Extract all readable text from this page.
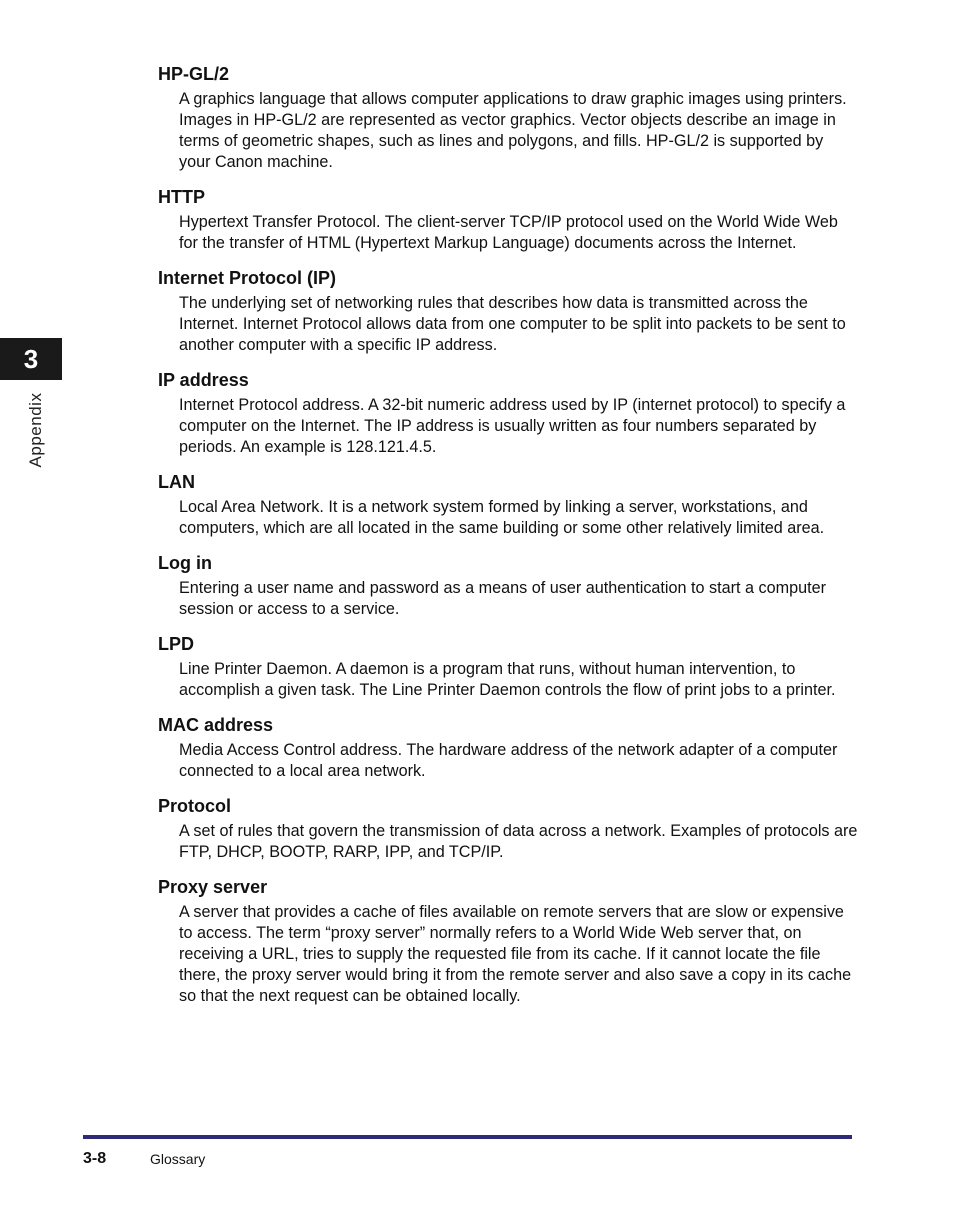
3
Appendix
HP-GL/2
A graphics language that allows computer applications to draw graphic images using printers. Images in HP-GL/2 are represented as vector graphics. Vector objects describe an image in terms of geometric shapes, such as lines and polygons, and fills. HP-GL/2 is supported by your Canon machine.
HTTP
Hypertext Transfer Protocol. The client-server TCP/IP protocol used on the World Wide Web for the transfer of HTML (Hypertext Markup Language) documents across the Internet.
Internet Protocol (IP)
The underlying set of networking rules that describes how data is transmitted across the Internet. Internet Protocol allows data from one computer to be split into packets to be sent to another computer with a specific IP address.
IP address
Internet Protocol address. A 32-bit numeric address used by IP (internet protocol) to specify a computer on the Internet. The IP address is usually written as four numbers separated by periods. An example is 128.121.4.5.
LAN
Local Area Network. It is a network system formed by linking a server, workstations, and computers, which are all located in the same building or some other relatively limited area.
Log in
Entering a user name and password as a means of user authentication to start a computer session or access to a service.
LPD
Line Printer Daemon. A daemon is a program that runs, without human intervention, to accomplish a given task. The Line Printer Daemon controls the flow of print jobs to a printer.
MAC address
Media Access Control address. The hardware address of the network adapter of a computer connected to a local area network.
Protocol
A set of rules that govern the transmission of data across a network. Examples of protocols are FTP, DHCP, BOOTP, RARP, IPP, and TCP/IP.
Proxy server
A server that provides a cache of files available on remote servers that are slow or expensive to access. The term “proxy server” normally refers to a World Wide Web server that, on receiving a URL, tries to supply the requested file from its cache. If it cannot locate the file there, the proxy server would bring it from the remote server and also save a copy in its cache so that the next request can be obtained locally.
3-8	Glossary
